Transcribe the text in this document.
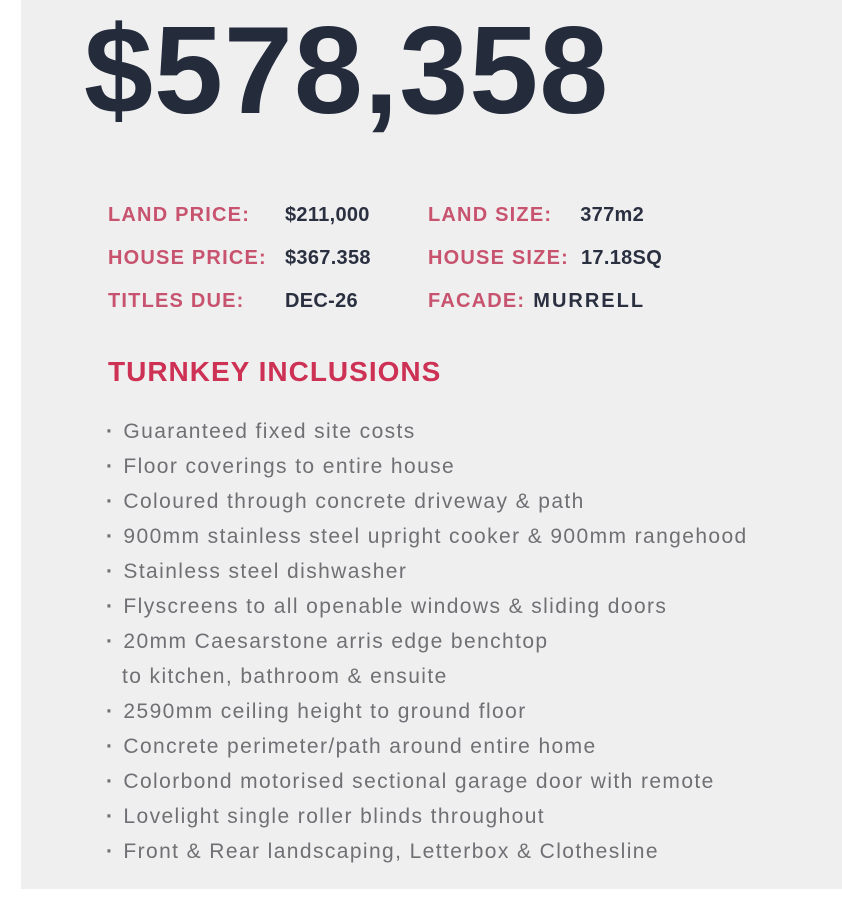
$578,358
LAND PRICE:	$211,000
HOUSE PRICE: $367.358
TITLES DUE:	DEC-26
LAND SIZE: 377m2
HOUSE SIZE: 17.18SQ
FACADE: MURRELL
TURNKEY INCLUSIONS
· Guaranteed fixed site costs
· Floor coverings to entire house
· Coloured through concrete driveway & path
· 900mm stainless steel upright cooker & 900mm rangehood
· Stainless steel dishwasher
· Flyscreens to all openable windows & sliding doors
· 20mm Caesarstone arris edge benchtop
to kitchen, bathroom & ensuite
· 2590mm ceiling height to ground floor
· Concrete perimeter/path around entire home
· Colorbond motorised sectional garage door with remote
· Lovelight single roller blinds throughout
· Front & Rear landscaping, Letterbox & Clothesline
